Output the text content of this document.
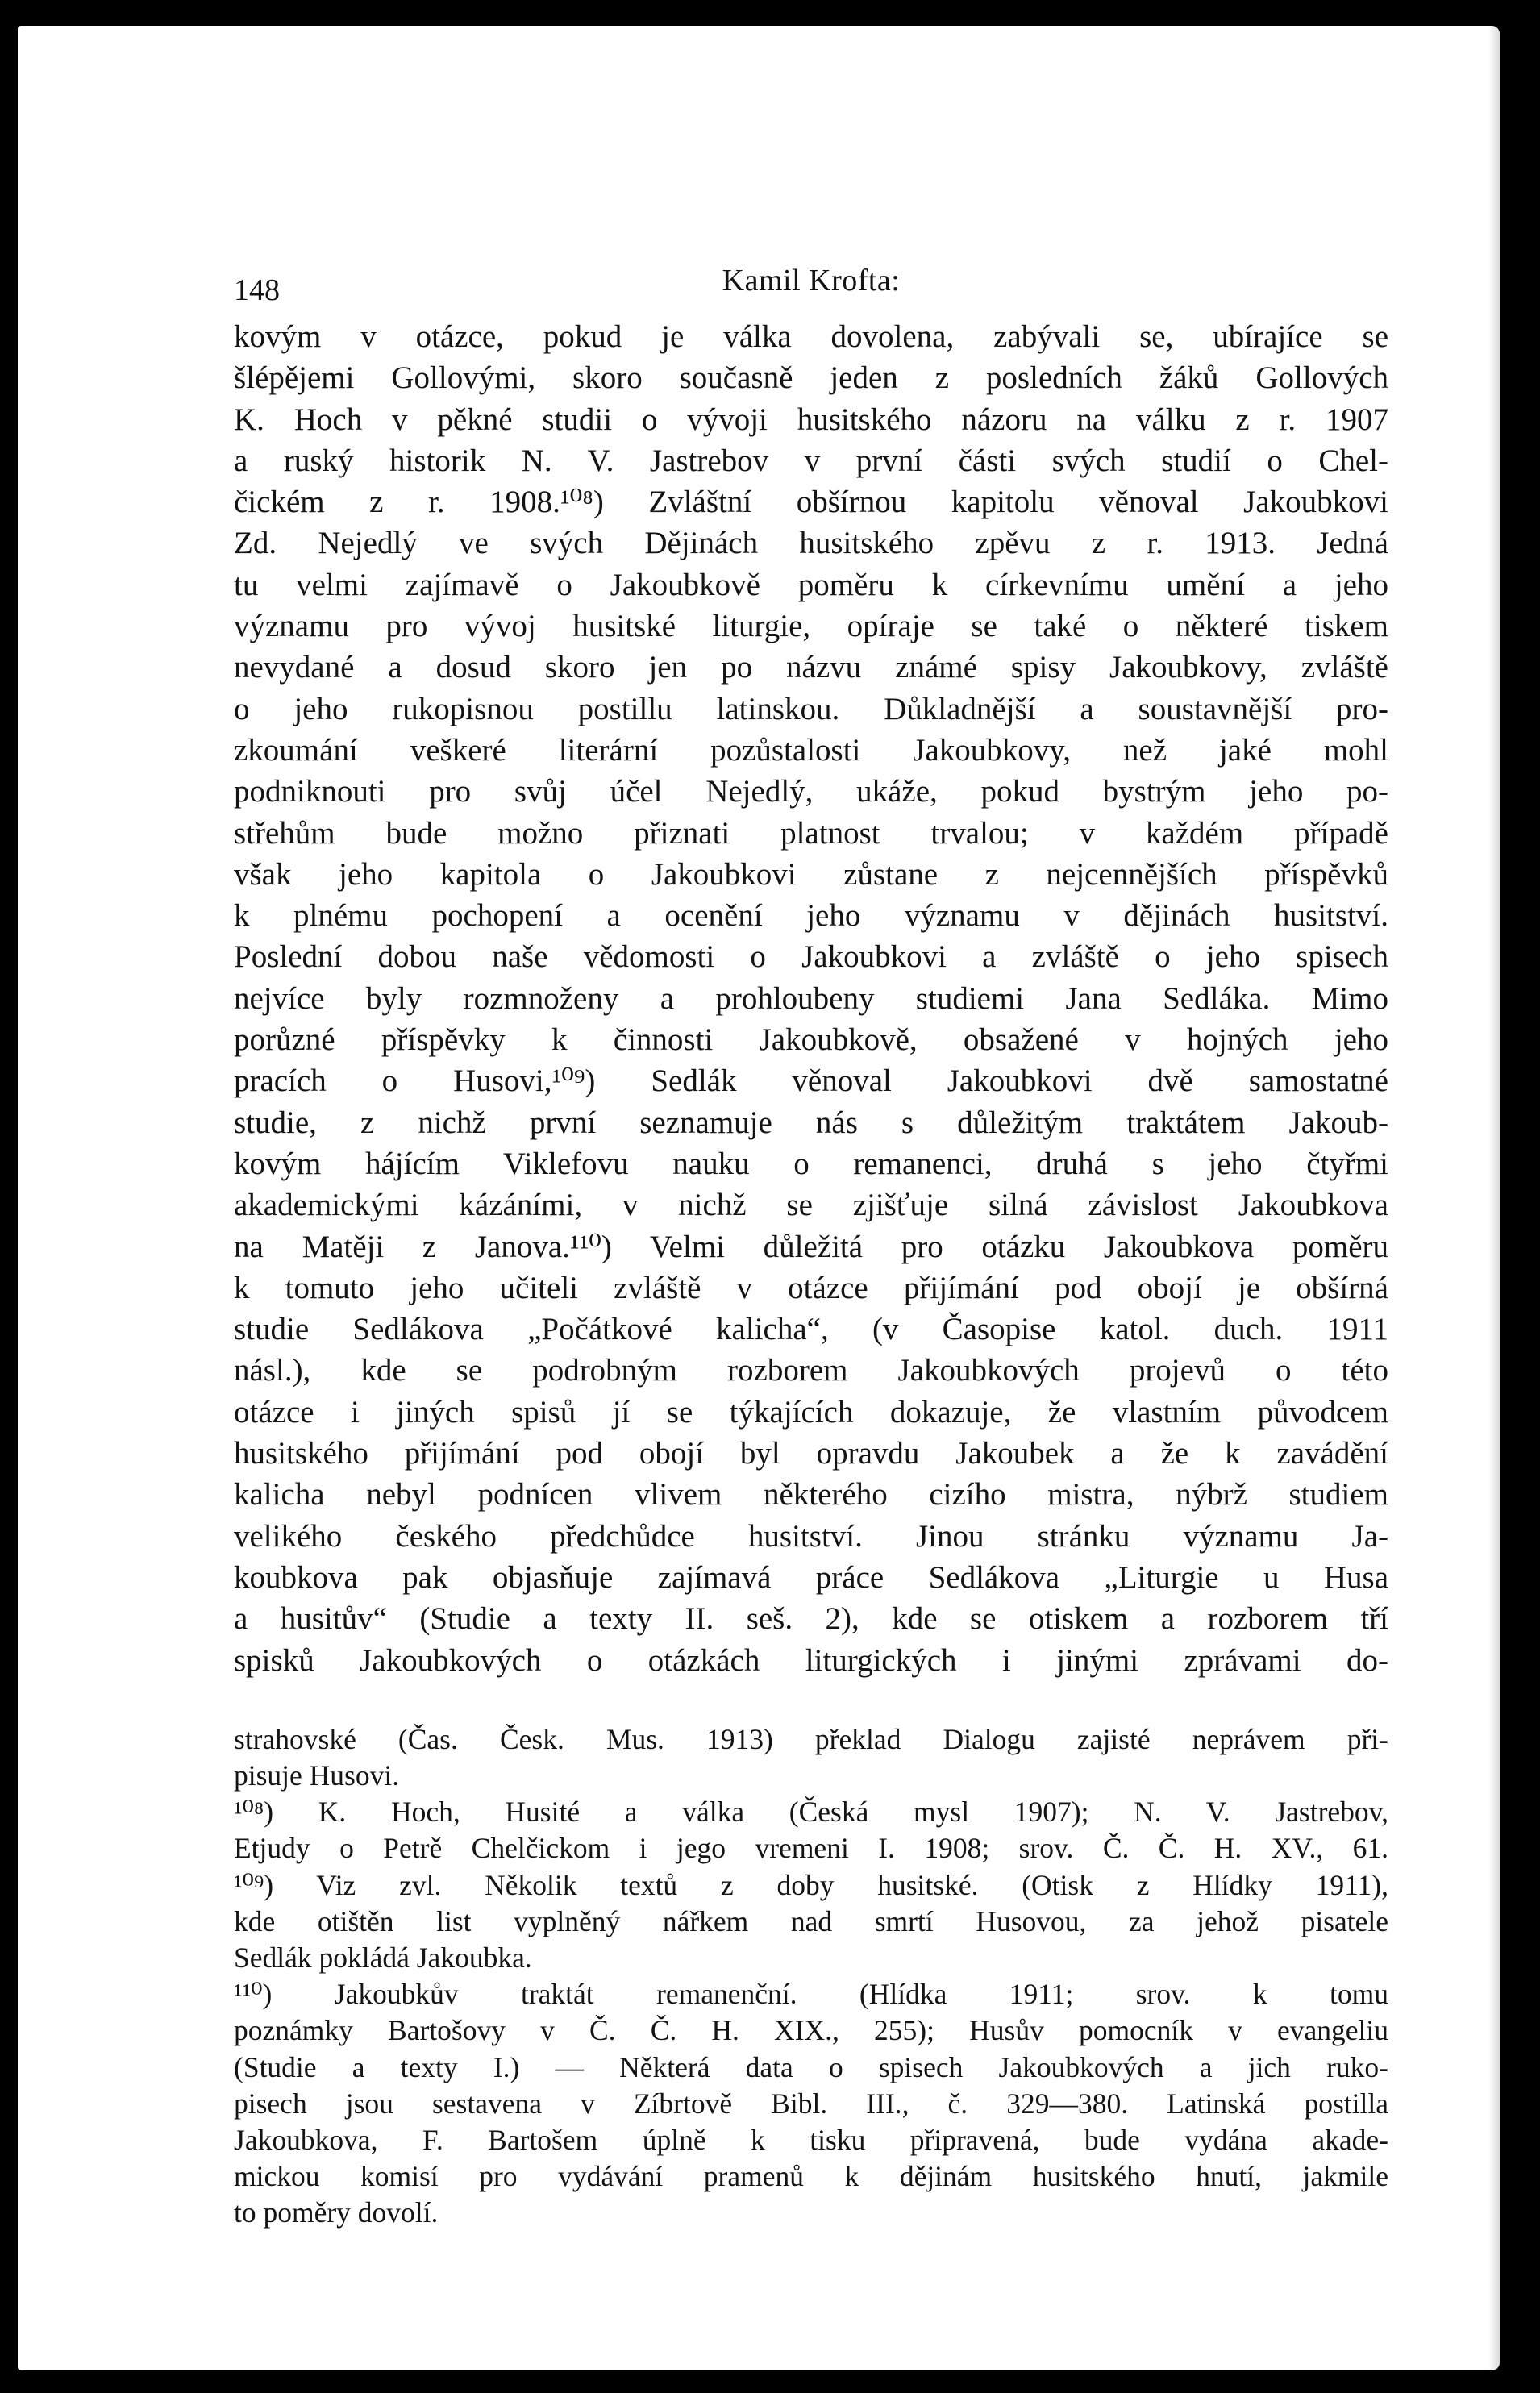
148	Kamil Krofta:
kovým v otázce, pokud je válka dovolena, zabývali se, ubírajíce se
šlépějemi Gollovými, skoro současně jeden z posledních žáků Gollových
K. Hoch v pěkné studii o vývoji husitského názoru na válku z r. 1907
a ruský historik N. V. Jastrebov v první části svých studií o Chel-
čickém z r. 1908.¹⁰⁸) Zvláštní obšírnou kapitolu věnoval Jakoubkovi
Zd. Nejedlý ve svých Dějinách husitského zpěvu z r. 1913. Jedná
tu velmi zajímavě o Jakoubkově poměru k církevnímu umění a jeho
významu pro vývoj husitské liturgie, opíraje se také o některé tiskem
nevydané a dosud skoro jen po názvu známé spisy Jakoubkovy, zvláště
o jeho rukopisnou postillu latinskou. Důkladnější a soustavnější pro-
zkoumání veškeré literární pozůstalosti Jakoubkovy, než jaké mohl
podniknouti pro svůj účel Nejedlý, ukáže, pokud bystrým jeho po-
střehům bude možno přiznati platnost trvalou; v každém případě
však jeho kapitola o Jakoubkovi zůstane z nejcennějších příspěvků
k plnému pochopení a ocenění jeho významu v dějinách husitství.
Poslední dobou naše vědomosti o Jakoubkovi a zvláště o jeho spisech
nejvíce byly rozmnoženy a prohloubeny studiemi Jana Sedláka. Mimo
porůzné příspěvky k činnosti Jakoubkově, obsažené v hojných jeho
pracích o Husovi,¹⁰⁹) Sedlák věnoval Jakoubkovi dvě samostatné
studie, z nichž první seznamuje nás s důležitým traktátem Jakoub-
kovým hájícím Viklefovu nauku o remanenci, druhá s jeho čtyřmi
akademickými kázáními, v nichž se zjišťuje silná závislost Jakoubkova
na Matěji z Janova.¹¹⁰) Velmi důležitá pro otázku Jakoubkova poměru
k tomuto jeho učiteli zvláště v otázce přijímání pod obojí je obšírná
studie Sedlákova „Počátkové kalicha“, (v Časopise katol. duch. 1911
násl.), kde se podrobným rozborem Jakoubkových projevů o této
otázce i jiných spisů jí se týkajících dokazuje, že vlastním původcem
husitského přijímání pod obojí byl opravdu Jakoubek a že k zavádění
kalicha nebyl podnícen vlivem některého cizího mistra, nýbrž studiem
velikého českého předchůdce husitství. Jinou stránku významu Ja-
koubkova pak objasňuje zajímavá práce Sedlákova „Liturgie u Husa
a husitův“ (Studie a texty II. seš. 2), kde se otiskem a rozborem tří
spisků Jakoubkových o otázkách liturgických i jinými zprávami do-
strahovské (Čas. Česk. Mus. 1913) překlad Dialogu zajisté neprávem při-
pisuje Husovi.
¹⁰⁸) K. Hoch, Husité a válka (Česká mysl 1907); N. V. Jastrebov,
Etjudy o Petrě Chelčickom i jego vremeni I. 1908; srov. Č. Č. H. XV., 61.
¹⁰⁹) Viz zvl. Několik textů z doby husitské. (Otisk z Hlídky 1911),
kde otištěn list vyplněný nářkem nad smrtí Husovou, za jehož pisatele
Sedlák pokládá Jakoubka.
¹¹⁰) Jakoubkův traktát remanenční. (Hlídka 1911; srov. k tomu
poznámky Bartošovy v Č. Č. H. XIX., 255); Husův pomocník v evangeliu
(Studie a texty I.) — Některá data o spisech Jakoubkových a jich ruko-
pisech jsou sestavena v Zíbrtově Bibl. III., č. 329—380. Latinská postilla
Jakoubkova, F. Bartošem úplně k tisku připravená, bude vydána akade-
mickou komisí pro vydávání pramenů k dějinám husitského hnutí, jakmile
to poměry dovolí.
